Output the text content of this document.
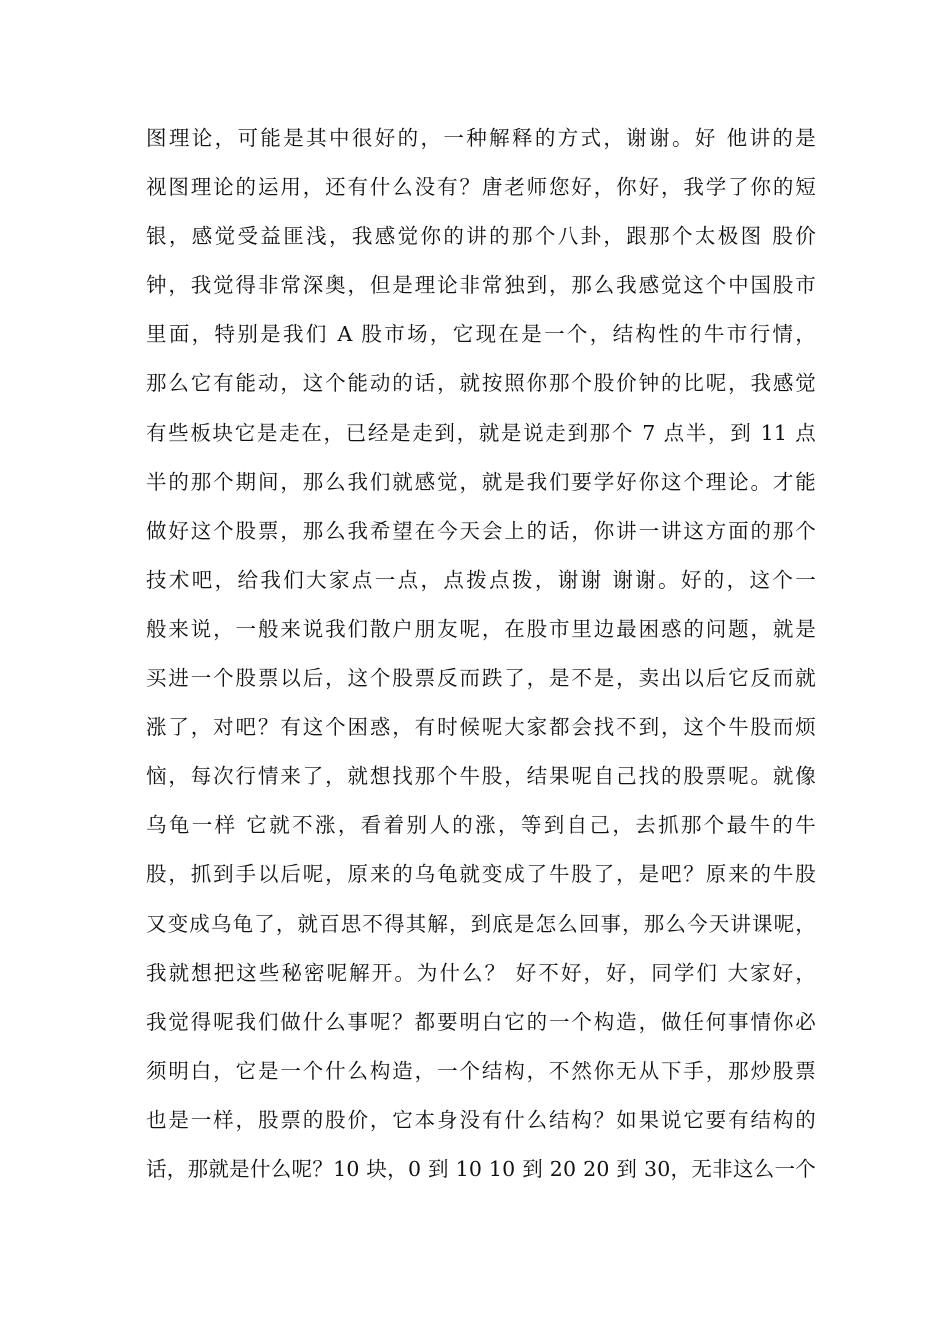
图理论，可能是其中很好的，一种解释的方式，谢谢。好 他讲的是
视图理论的运用，还有什么没有？唐老师您好，你好，我学了你的短
银，感觉受益匪浅，我感觉你的讲的那个八卦，跟那个太极图 股价
钟，我觉得非常深奥，但是理论非常独到，那么我感觉这个中国股市
里面，特别是我们 A 股市场，它现在是一个，结构性的牛市行情，
那么它有能动，这个能动的话，就按照你那个股价钟的比呢，我感觉
有些板块它是走在，已经是走到，就是说走到那个 7 点半，到 11 点
半的那个期间，那么我们就感觉，就是我们要学好你这个理论。才能
做好这个股票，那么我希望在今天会上的话，你讲一讲这方面的那个
技术吧，给我们大家点一点，点拨点拨，谢谢 谢谢。好的，这个一
般来说，一般来说我们散户朋友呢，在股市里边最困惑的问题，就是
买进一个股票以后，这个股票反而跌了，是不是，卖出以后它反而就
涨了，对吧？有这个困惑，有时候呢大家都会找不到，这个牛股而烦
恼，每次行情来了，就想找那个牛股，结果呢自己找的股票呢。就像
乌龟一样 它就不涨，看着别人的涨，等到自己，去抓那个最牛的牛
股，抓到手以后呢，原来的乌龟就变成了牛股了，是吧？原来的牛股
又变成乌龟了，就百思不得其解，到底是怎么回事，那么今天讲课呢，
我就想把这些秘密呢解开。为什么？ 好不好，好，同学们 大家好，
我觉得呢我们做什么事呢？都要明白它的一个构造，做任何事情你必
须明白，它是一个什么构造，一个结构，不然你无从下手，那炒股票
也是一样，股票的股价，它本身没有什么结构？如果说它要有结构的
话，那就是什么呢？10 块，0 到 10 10 到 20 20 到 30，无非这么一个
